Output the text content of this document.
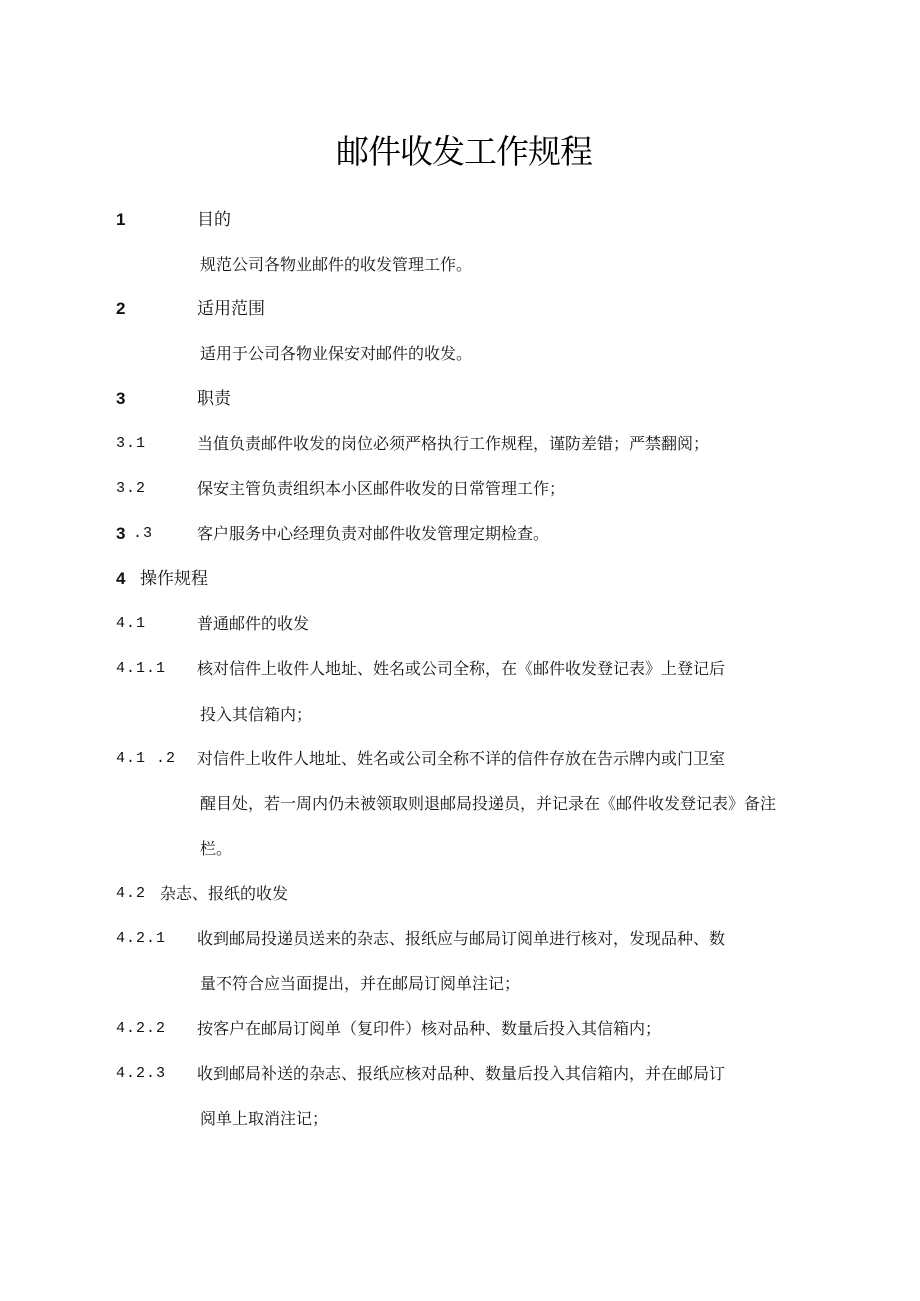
邮件收发工作规程
1	目的
规范公司各物业邮件的收发管理工作。
2	适用范围
适用于公司各物业保安对邮件的收发。
3	职责
3.1	当值负责邮件收发的岗位必须严格执行工作规程，谨防差错；严禁翻阅；
3.2	保安主管负责组织本小区邮件收发的日常管理工作；
3 .3	客户服务中心经理负责对邮件收发管理定期检查。
4 操作规程
4.1	普通邮件的收发
4.1.1 核对信件上收件人地址、姓名或公司全称，在《邮件收发登记表》上登记后
投入其信箱内；
4.1 .2 对信件上收件人地址、姓名或公司全称不详的信件存放在告示牌内或门卫室
醒目处，若一周内仍未被领取则退邮局投递员，并记录在《邮件收发登记表》备注
栏。
4.2 杂志、报纸的收发
4.2.1 收到邮局投递员送来的杂志、报纸应与邮局订阅单进行核对，发现品种、数
量不符合应当面提出，并在邮局订阅单注记；
4.2.2 按客户在邮局订阅单（复印件）核对品种、数量后投入其信箱内；
4.2.3 收到邮局补送的杂志、报纸应核对品种、数量后投入其信箱内，并在邮局订
阅单上取消注记；
